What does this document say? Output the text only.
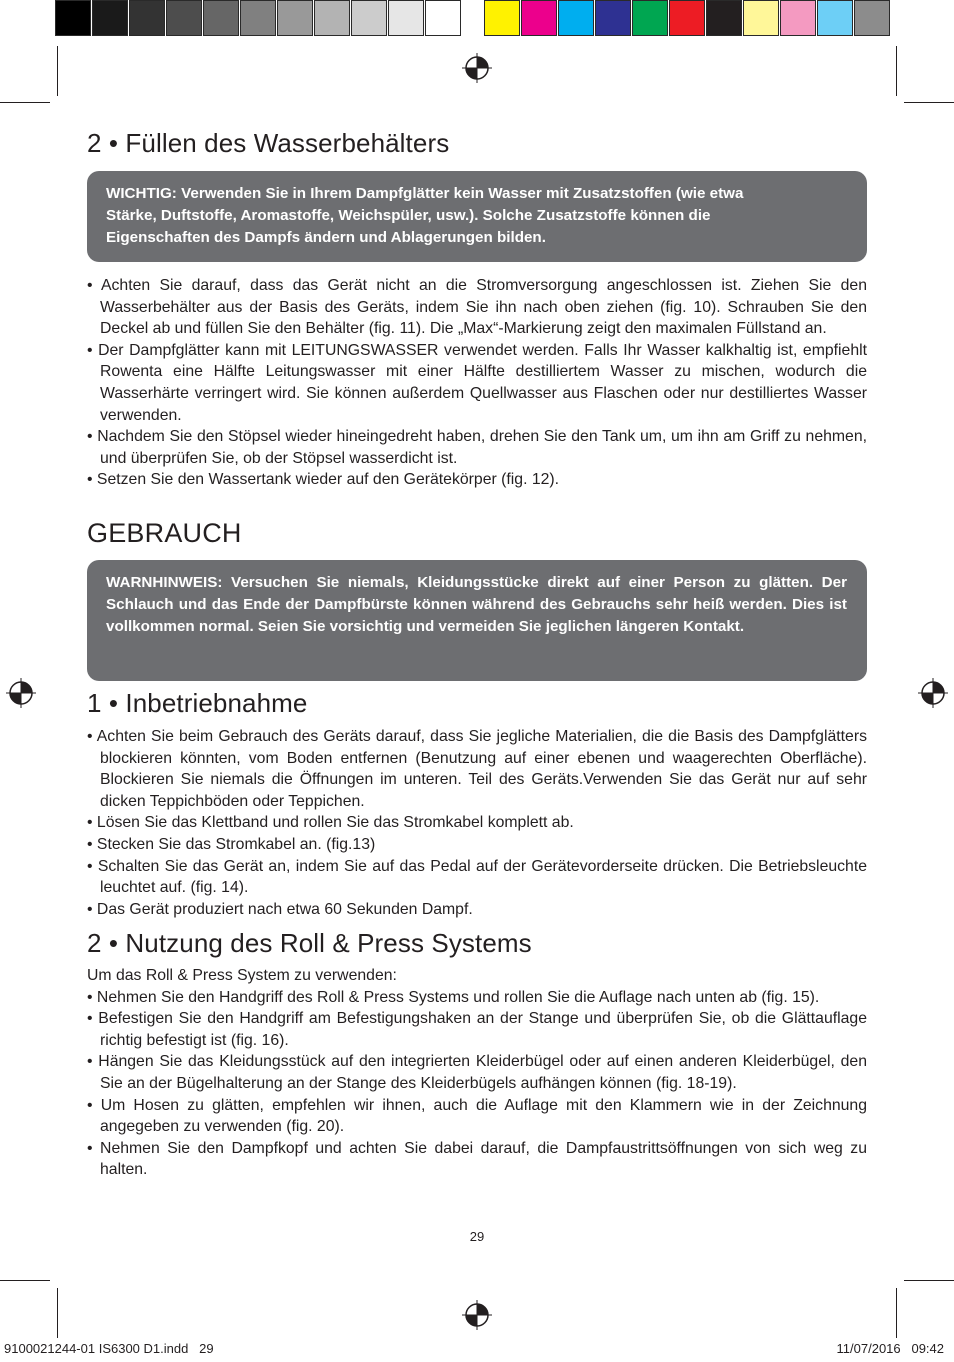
2 • Füllen des Wasserbehälters
WICHTIG: Verwenden Sie in Ihrem Dampfglätter kein Wasser mit Zusatzstoffen (wie etwa Stärke, Duftstoffe, Aromastoffe, Weichspüler, usw.). Solche Zusatzstoffe können die Eigenschaften des Dampfs ändern und Ablagerungen bilden.
• Achten Sie darauf, dass das Gerät nicht an die Stromversorgung angeschlossen ist. Ziehen Sie den Wasserbehälter aus der Basis des Geräts, indem Sie ihn nach oben ziehen (fig. 10). Schrauben Sie den Deckel ab und füllen Sie den Behälter (fig. 11). Die „Max“-Markierung zeigt den maximalen Füllstand an.
• Der Dampfglätter kann mit LEITUNGSWASSER verwendet werden. Falls Ihr Wasser kalkhaltig ist, empfiehlt Rowenta eine Hälfte Leitungswasser mit einer Hälfte destilliertem Wasser zu mischen, wodurch die Wasserhärte verringert wird. Sie können außerdem Quellwasser aus Flaschen oder nur destilliertes Wasser verwenden.
• Nachdem Sie den Stöpsel wieder hineingedreht haben, drehen Sie den Tank um, um ihn am Griff zu nehmen, und überprüfen Sie, ob der Stöpsel wasserdicht ist.
• Setzen Sie den Wassertank wieder auf den Gerätekörper (fig. 12).
GEBRAUCH
WARNHINWEIS: Versuchen Sie niemals, Kleidungsstücke direkt auf einer Person zu glätten. Der Schlauch und das Ende der Dampfbürste können während des Gebrauchs sehr heiß werden. Dies ist vollkommen normal. Seien Sie vorsichtig und vermeiden Sie jeglichen längeren Kontakt.
1 • Inbetriebnahme
• Achten Sie beim Gebrauch des Geräts darauf, dass Sie jegliche Materialien, die die Basis des Dampfglätters blockieren könnten, vom Boden entfernen (Benutzung auf einer ebenen und waagerechten Oberfläche). Blockieren Sie niemals die Öffnungen im unteren. Teil des Geräts.Verwenden Sie das Gerät nur auf sehr dicken Teppichböden oder Teppichen.
• Lösen Sie das Klettband und rollen Sie das Stromkabel komplett ab.
• Stecken Sie das Stromkabel an. (fig.13)
• Schalten Sie das Gerät an, indem Sie auf das Pedal auf der Gerätevorderseite drücken. Die Betriebsleuchte leuchtet auf. (fig. 14).
• Das Gerät produziert nach etwa 60 Sekunden Dampf.
2 • Nutzung des Roll & Press Systems

Um das Roll & Press System zu verwenden:

• Nehmen Sie den Handgriff des Roll & Press Systems und rollen Sie die Auflage nach unten ab (fig. 15).
• Befestigen Sie den Handgriff am Befestigungshaken an der Stange und überprüfen Sie, ob die Glättauflage richtig befestigt ist (fig. 16).
• Hängen Sie das Kleidungsstück auf den integrierten Kleiderbügel oder auf einen anderen Kleiderbügel, den Sie an der Bügelhalterung an der Stange des Kleiderbügels aufhängen können (fig. 18-19).
• Um Hosen zu glätten, empfehlen wir ihnen, auch die Auflage mit den Klammern wie in der Zeichnung angegeben zu verwenden (fig. 20).
• Nehmen Sie den Dampfkopf und achten Sie dabei darauf, die Dampfaustrittsöffnungen von sich weg zu halten.
29
9100021244-01 IS6300 D1.indd   29	11/07/2016   09:42
